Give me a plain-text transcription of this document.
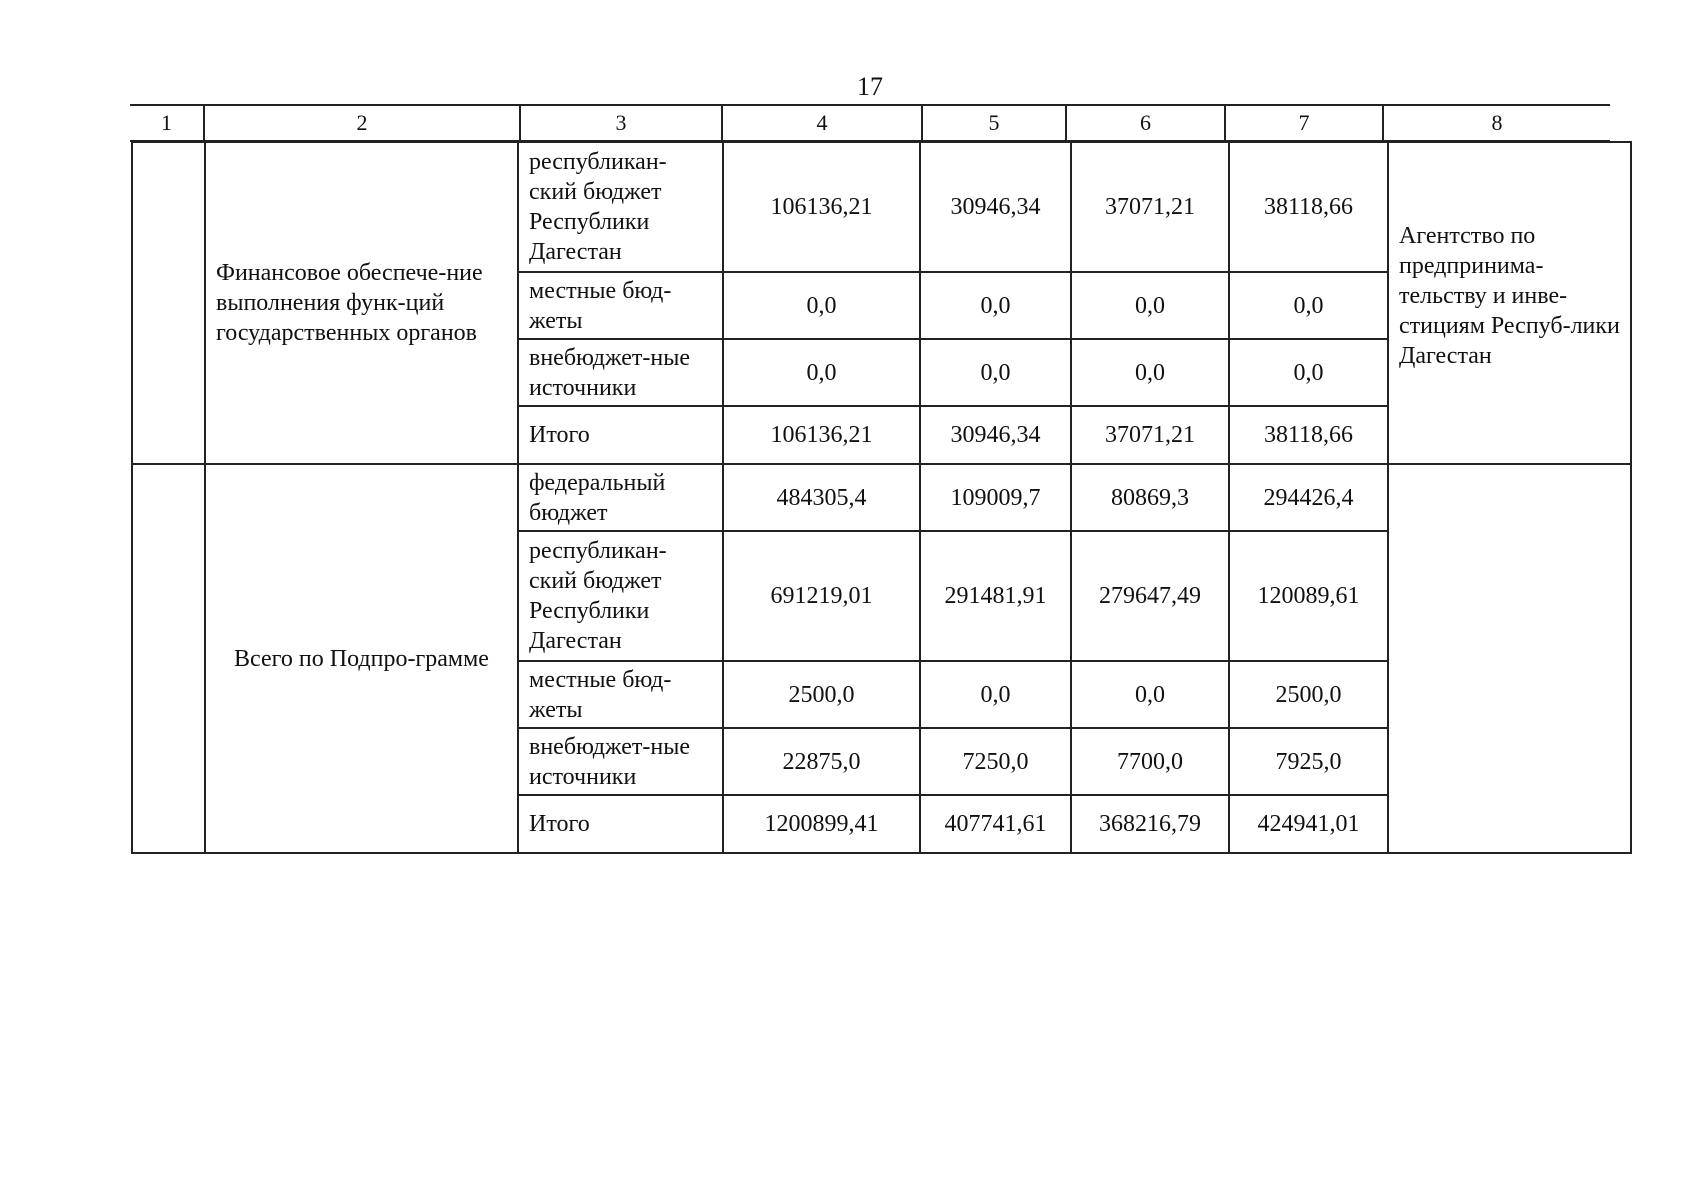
17
1	2	3	4	5	6	7	8
	Финансовое обеспече-ние выполнения функ-ций государственных органов	республикан-ский бюджет Республики Дагестан	106136,21	30946,34	37071,21	38118,66	Агентство по предпринима-тельству и инве-стициям Респуб-лики Дагестан
		местные бюд-жеты	0,0	0,0	0,0	0,0	
		внебюджет-ные источники	0,0	0,0	0,0	0,0	
		Итого	106136,21	30946,34	37071,21	38118,66	
	Всего по Подпро-грамме	федеральный бюджет	484305,4	109009,7	80869,3	294426,4	
		республикан-ский бюджет Республики Дагестан	691219,01	291481,91	279647,49	120089,61	
		местные бюд-жеты	2500,0	0,0	0,0	2500,0	
		внебюджет-ные источники	22875,0	7250,0	7700,0	7925,0	
		Итого	1200899,41	407741,61	368216,79	424941,01	
